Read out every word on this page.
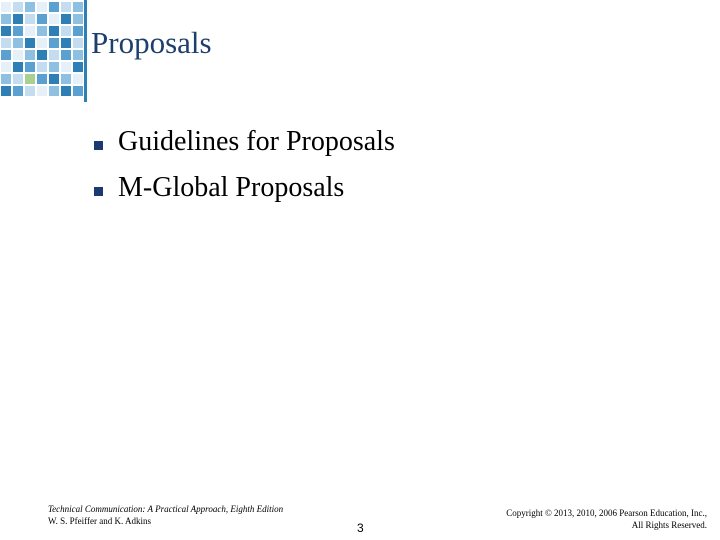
Proposals
Guidelines for Proposals
M-Global Proposals
Technical Communication: A Practical Approach, Eighth Edition
W. S. Pfeiffer and K. Adkins	3
Copyright © 2013, 2010, 2006 Pearson Education, Inc.,
All Rights Reserved.
